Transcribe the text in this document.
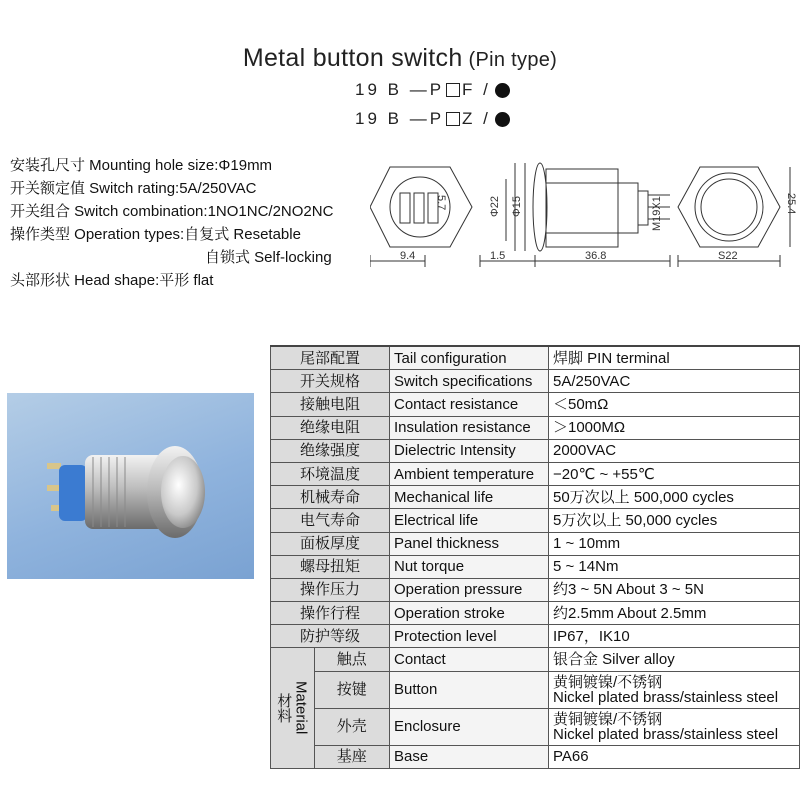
Metal button switch (Pin type)
19 B —P F /
19 B —P Z /
安装孔尺寸 Mounting hole size:Φ19mm
开关额定值 Switch rating:5A/250VAC
开关组合 Switch combination:1NO1NC/2NO2NC
操作类型 Operation types:自复式 Resetable
自锁式 Self-locking
头部形状 Head shape:平形 flat
9.4
5.7
1.5
Φ22 Φ15
36.8
M19X1
S22
25.4
尾部配置		Tail configuration	焊脚 PIN terminal
开关规格		Switch specifications	5A/250VAC
接触电阻		Contact resistance	＜50mΩ
绝缘电阻		Insulation resistance	＞1000MΩ
绝缘强度		Dielectric Intensity	2000VAC
环境温度		Ambient temperature	−20℃ ~ +55℃
机械寿命		Mechanical life	50万次以上 500,000 cycles
电气寿命		Electrical life	5万次以上 50,000 cycles
面板厚度		Panel thickness	1 ~ 10mm
螺母扭矩		Nut torque	5 ~ 14Nm
操作压力		Operation pressure	约3 ~ 5N About 3 ~ 5N
操作行程		Operation stroke	约2.5mm About 2.5mm
防护等级		Protection level	IP67，IK10

材料 Material	触点	Contact	银合金 Silver alloy
	按键	Button	黄铜镀镍/不锈钢
Nickel plated brass/stainless steel

	外壳	Enclosure	黄铜镀镍/不锈钢
Nickel plated brass/stainless steel

	基座	Base	PA66
